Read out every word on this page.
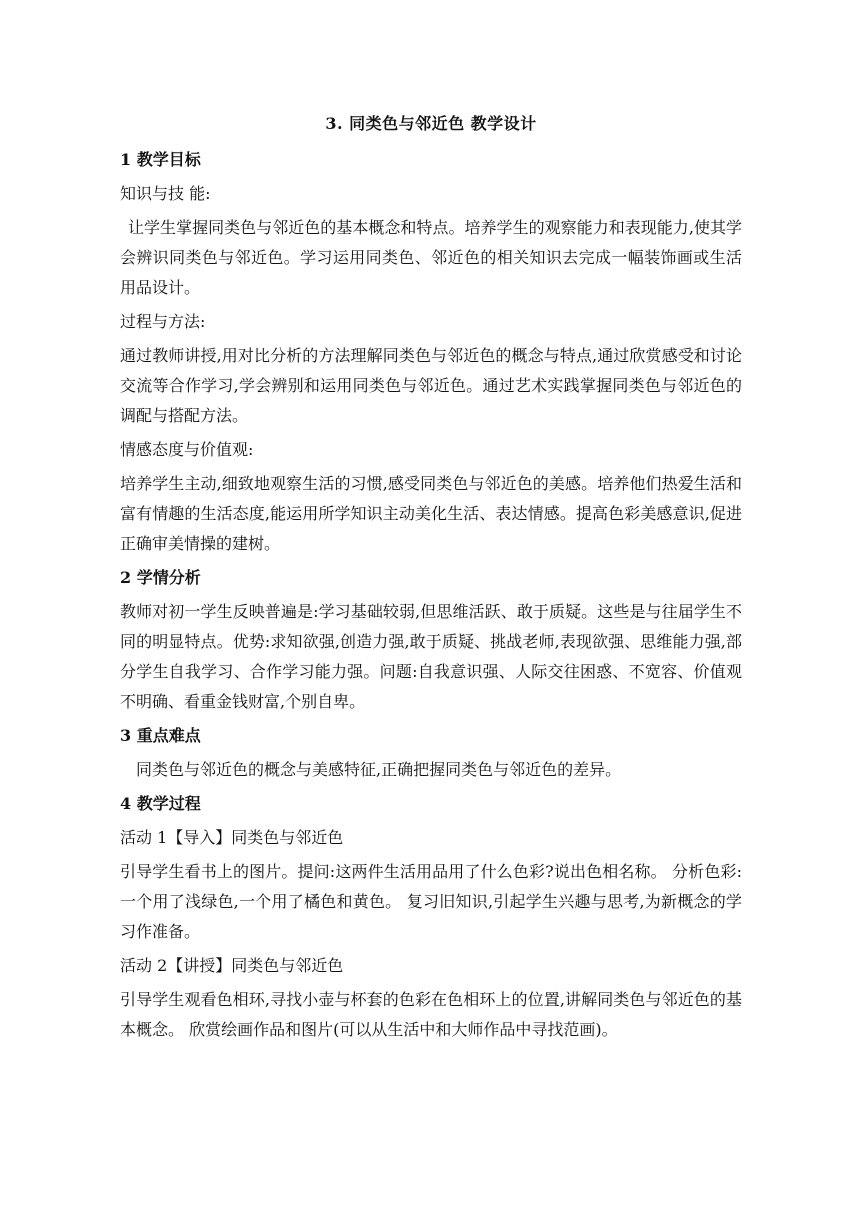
3. 同类色与邻近色 教学设计
1 教学目标
知识与技 能:
让学生掌握同类色与邻近色的基本概念和特点。培养学生的观察能力和表现能力,使其学会辨识同类色与邻近色。学习运用同类色、邻近色的相关知识去完成一幅装饰画或生活用品设计。
过程与方法:
通过教师讲授,用对比分析的方法理解同类色与邻近色的概念与特点,通过欣赏感受和讨论交流等合作学习,学会辨别和运用同类色与邻近色。通过艺术实践掌握同类色与邻近色的调配与搭配方法。
情感态度与价值观:
培养学生主动,细致地观察生活的习惯,感受同类色与邻近色的美感。培养他们热爱生活和富有情趣的生活态度,能运用所学知识主动美化生活、表达情感。提高色彩美感意识,促进正确审美情操的建树。
2 学情分析
教师对初一学生反映普遍是:学习基础较弱,但思维活跃、敢于质疑。这些是与往届学生不同的明显特点。优势:求知欲强,创造力强,敢于质疑、挑战老师,表现欲强、思维能力强,部分学生自我学习、合作学习能力强。问题:自我意识强、人际交往困惑、不宽容、价值观不明确、看重金钱财富,个别自卑。
3 重点难点
同类色与邻近色的概念与美感特征,正确把握同类色与邻近色的差异。
4 教学过程
活动 1【导入】同类色与邻近色
引导学生看书上的图片。提问:这两件生活用品用了什么色彩?说出色相名称。 分析色彩:一个用了浅绿色,一个用了橘色和黄色。 复习旧知识,引起学生兴趣与思考,为新概念的学习作准备。
活动 2【讲授】同类色与邻近色
引导学生观看色相环,寻找小壶与杯套的色彩在色相环上的位置,讲解同类色与邻近色的基本概念。 欣赏绘画作品和图片(可以从生活中和大师作品中寻找范画)。
